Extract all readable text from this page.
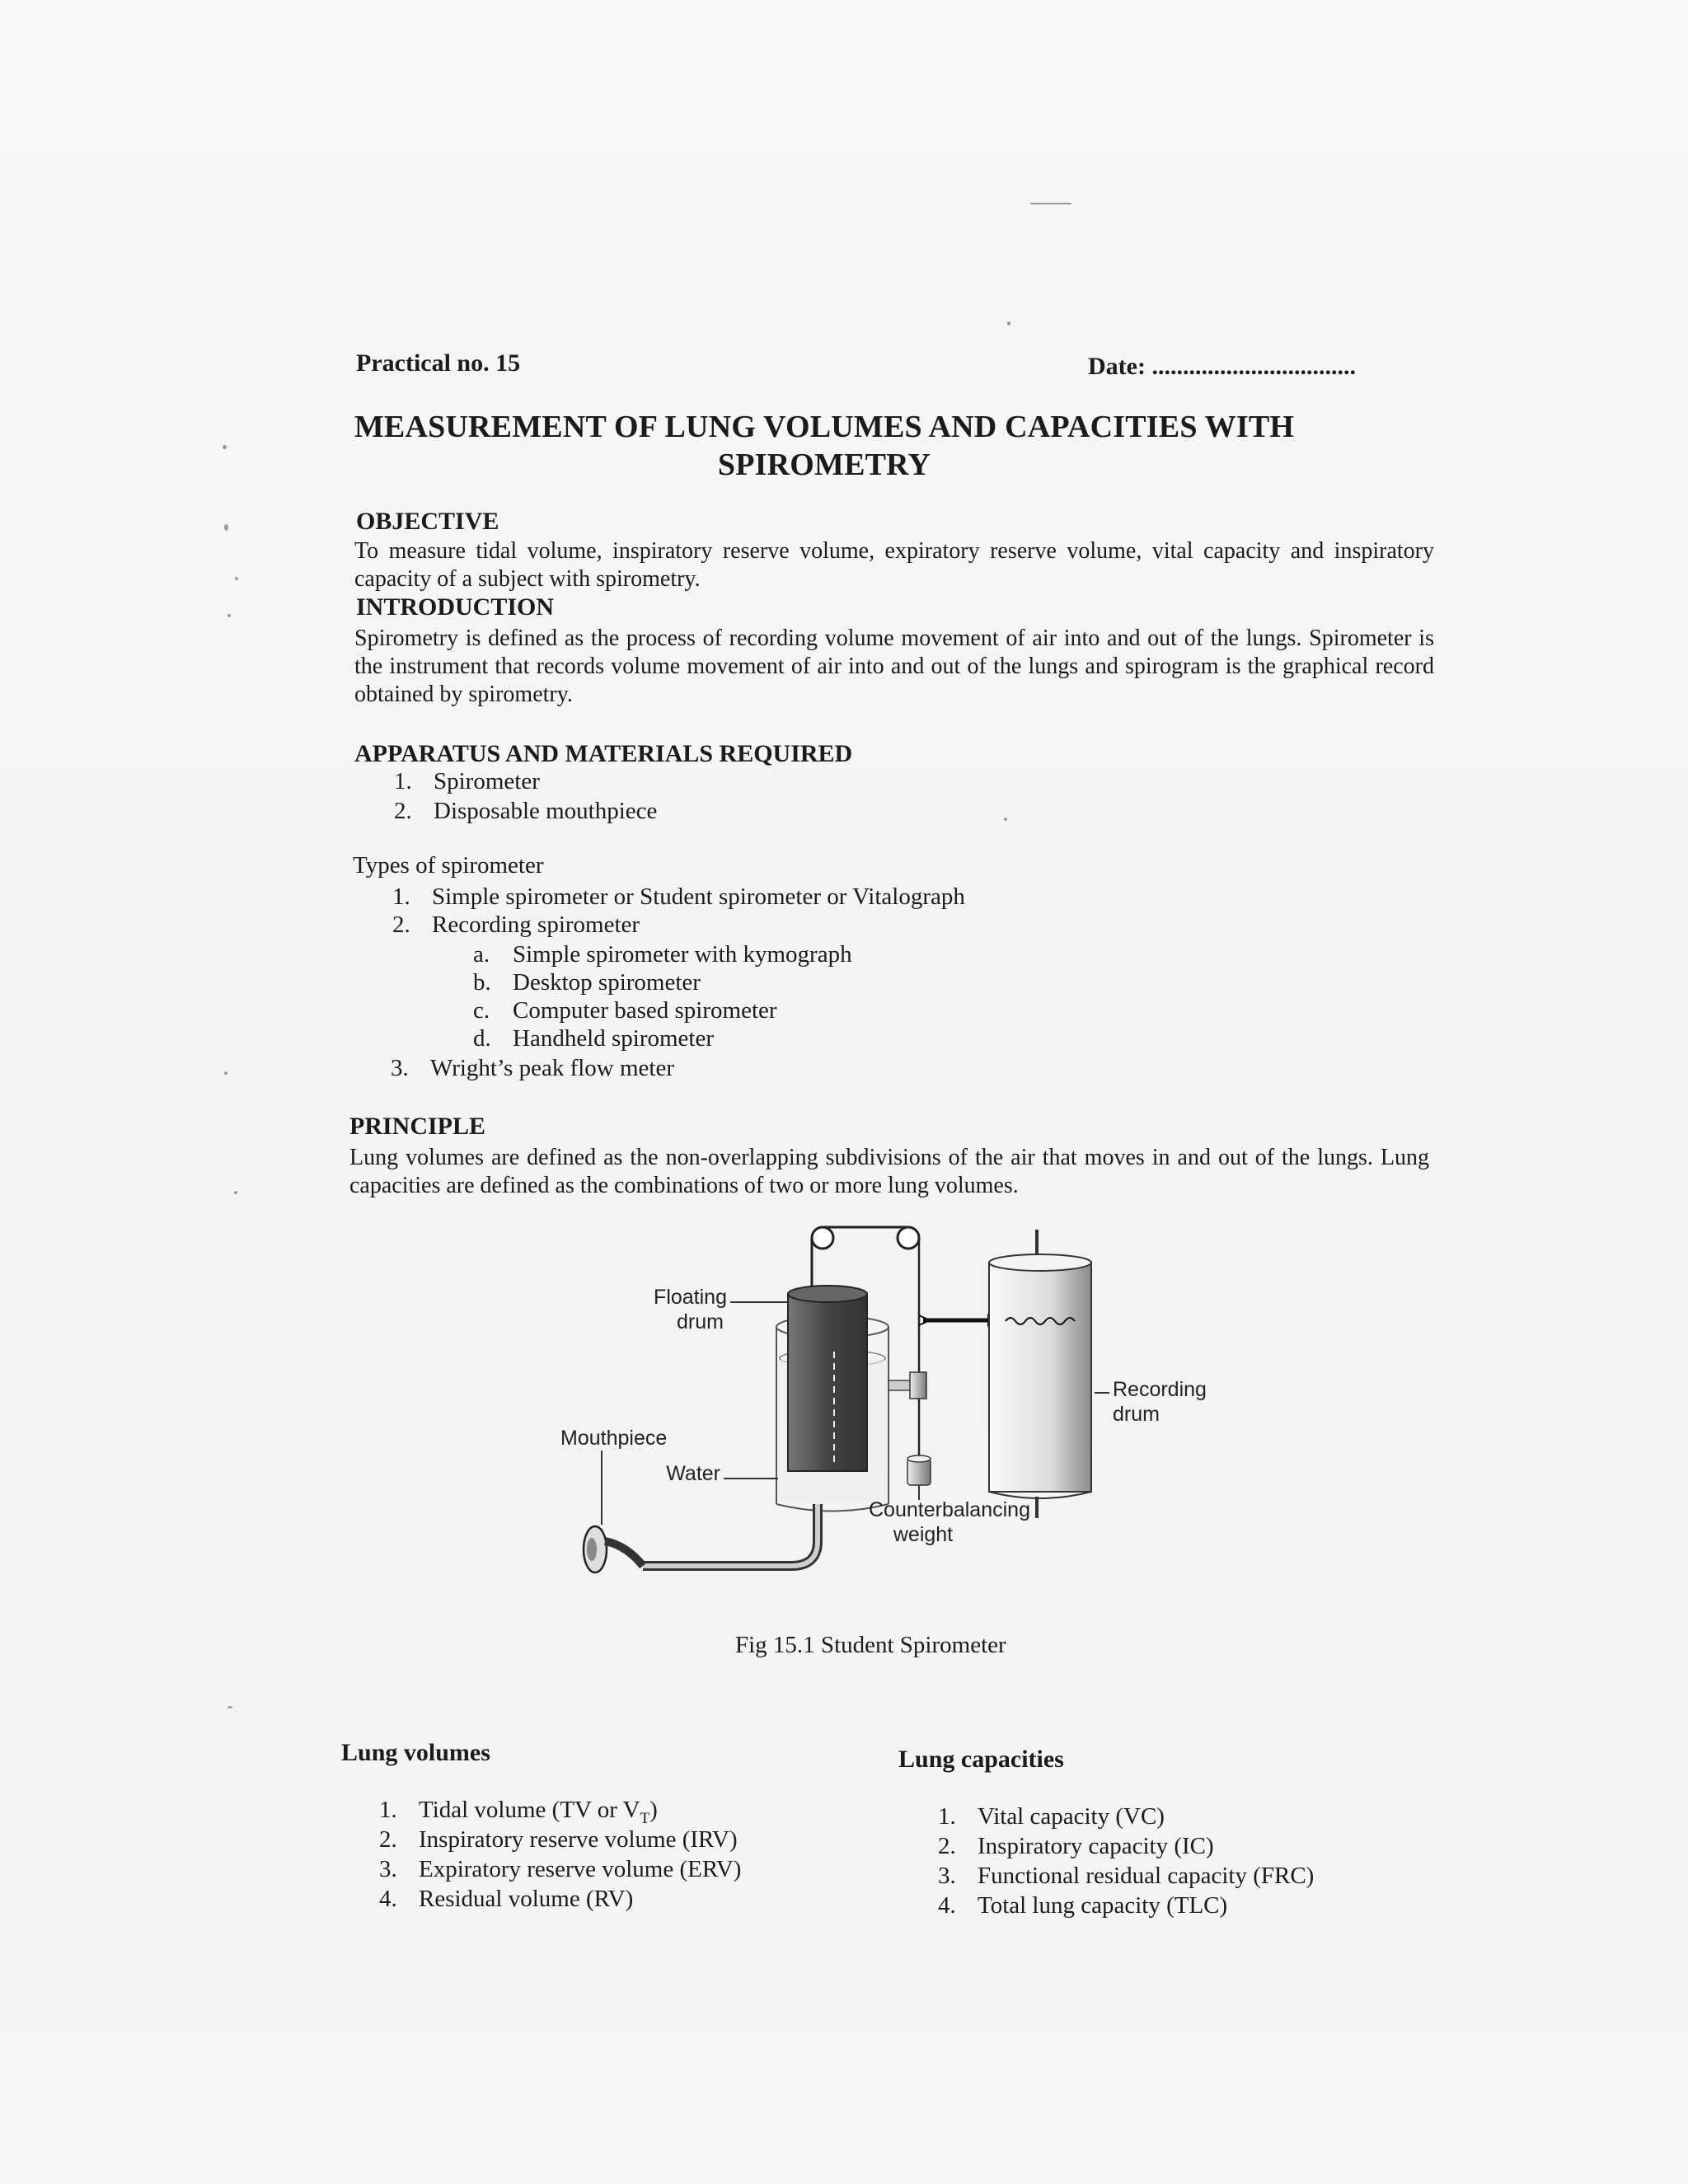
Practical no. 15	Date: .................................
MEASUREMENT OF LUNG VOLUMES AND CAPACITIES WITH
SPIROMETRY
OBJECTIVE
To measure tidal volume, inspiratory reserve volume, expiratory reserve volume, vital capacity and inspiratory capacity of a subject with spirometry.
INTRODUCTION
Spirometry is defined as the process of recording volume movement of air into and out of the lungs. Spirometer is the instrument that records volume movement of air into and out of the lungs and spirogram is the graphical record obtained by spirometry.
APPARATUS AND MATERIALS REQUIRED
1. Spirometer
2. Disposable mouthpiece
Types of spirometer
1. Simple spirometer or Student spirometer or Vitalograph
2. Recording spirometer
a. Simple spirometer with kymograph
b. Desktop spirometer
c. Computer based spirometer
d. Handheld spirometer
3. Wright’s peak flow meter
PRINCIPLE
Lung volumes are defined as the non-overlapping subdivisions of the air that moves in and out of the lungs. Lung capacities are defined as the combinations of two or more lung volumes.
Floating
drum
Recording
drum
Mouthpiece
Water
Counterbalancing
weight
Fig 15.1 Student Spirometer
Lung volumes
1. Tidal volume (TV or $V_T$)
2. Inspiratory reserve volume (IRV)
3. Expiratory reserve volume (ERV)
4. Residual volume (RV)
Lung capacities
1. Vital capacity (VC)
2. Inspiratory capacity (IC)
3. Functional residual capacity (FRC)
4. Total lung capacity (TLC)
